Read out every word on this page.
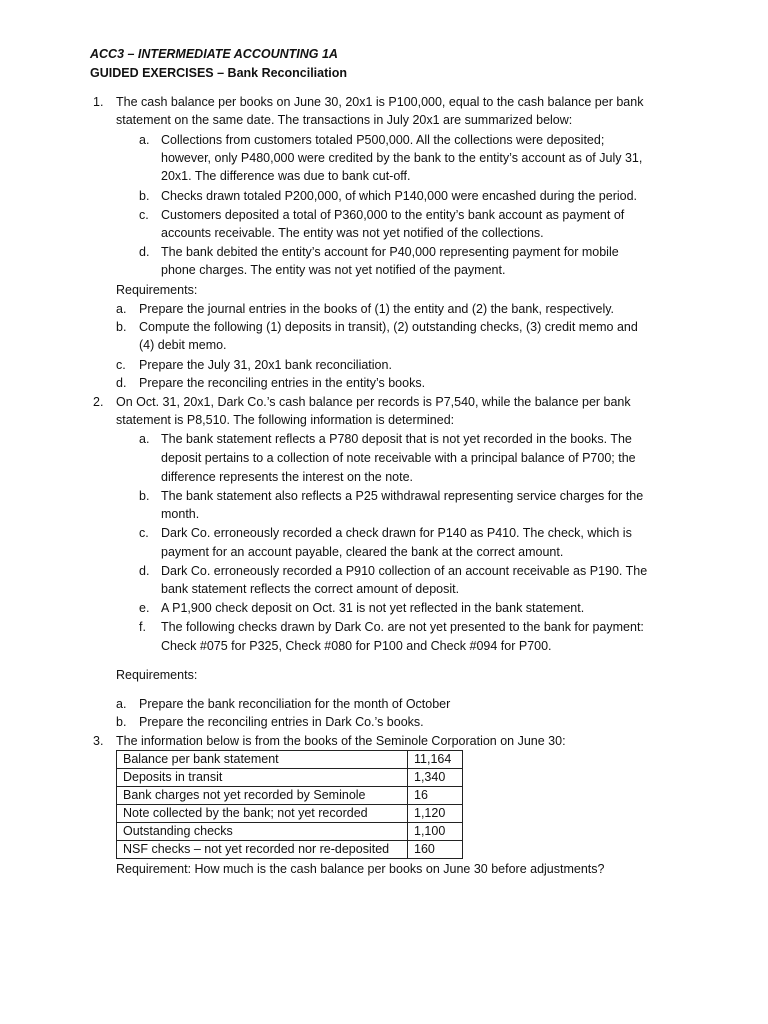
ACC3 – INTERMEDIATE ACCOUNTING 1A
GUIDED EXERCISES – Bank Reconciliation
1. The cash balance per books on June 30, 20x1 is P100,000, equal to the cash balance per bank
statement on the same date. The transactions in July 20x1 are summarized below:
a. Collections from customers totaled P500,000. All the collections were deposited;
however, only P480,000 were credited by the bank to the entity’s account as of July 31,
20x1. The difference was due to bank cut-off.
b. Checks drawn totaled P200,000, of which P140,000 were encashed during the period.
c. Customers deposited a total of P360,000 to the entity’s bank account as payment of
accounts receivable. The entity was not yet notified of the collections.
d. The bank debited the entity’s account for P40,000 representing payment for mobile
phone charges. The entity was not yet notified of the payment.
Requirements:
a. Prepare the journal entries in the books of (1) the entity and (2) the bank, respectively.
b. Compute the following (1) deposits in transit), (2) outstanding checks, (3) credit memo and
(4) debit memo.
c. Prepare the July 31, 20x1 bank reconciliation.
d. Prepare the reconciling entries in the entity’s books.
2. On Oct. 31, 20x1, Dark Co.’s cash balance per records is P7,540, while the balance per bank
statement is P8,510. The following information is determined:
a. The bank statement reflects a P780 deposit that is not yet recorded in the books. The
deposit pertains to a collection of note receivable with a principal balance of P700; the
difference represents the interest on the note.
b. The bank statement also reflects a P25 withdrawal representing service charges for the
month.
c. Dark Co. erroneously recorded a check drawn for P140 as P410. The check, which is
payment for an account payable, cleared the bank at the correct amount.
d. Dark Co. erroneously recorded a P910 collection of an account receivable as P190. The
bank statement reflects the correct amount of deposit.
e. A P1,900 check deposit on Oct. 31 is not yet reflected in the bank statement.
f. The following checks drawn by Dark Co. are not yet presented to the bank for payment:
Check #075 for P325, Check #080 for P100 and Check #094 for P700.
Requirements:
a. Prepare the bank reconciliation for the month of October
b. Prepare the reconciling entries in Dark Co.’s books.
3. The information below is from the books of the Seminole Corporation on June 30:
Balance per bank statement	11,164
Deposits in transit	1,340
Bank charges not yet recorded by Seminole	16
Note collected by the bank; not yet recorded	1,120
Outstanding checks	1,100
NSF checks – not yet recorded nor re-deposited	160
Requirement: How much is the cash balance per books on June 30 before adjustments?
